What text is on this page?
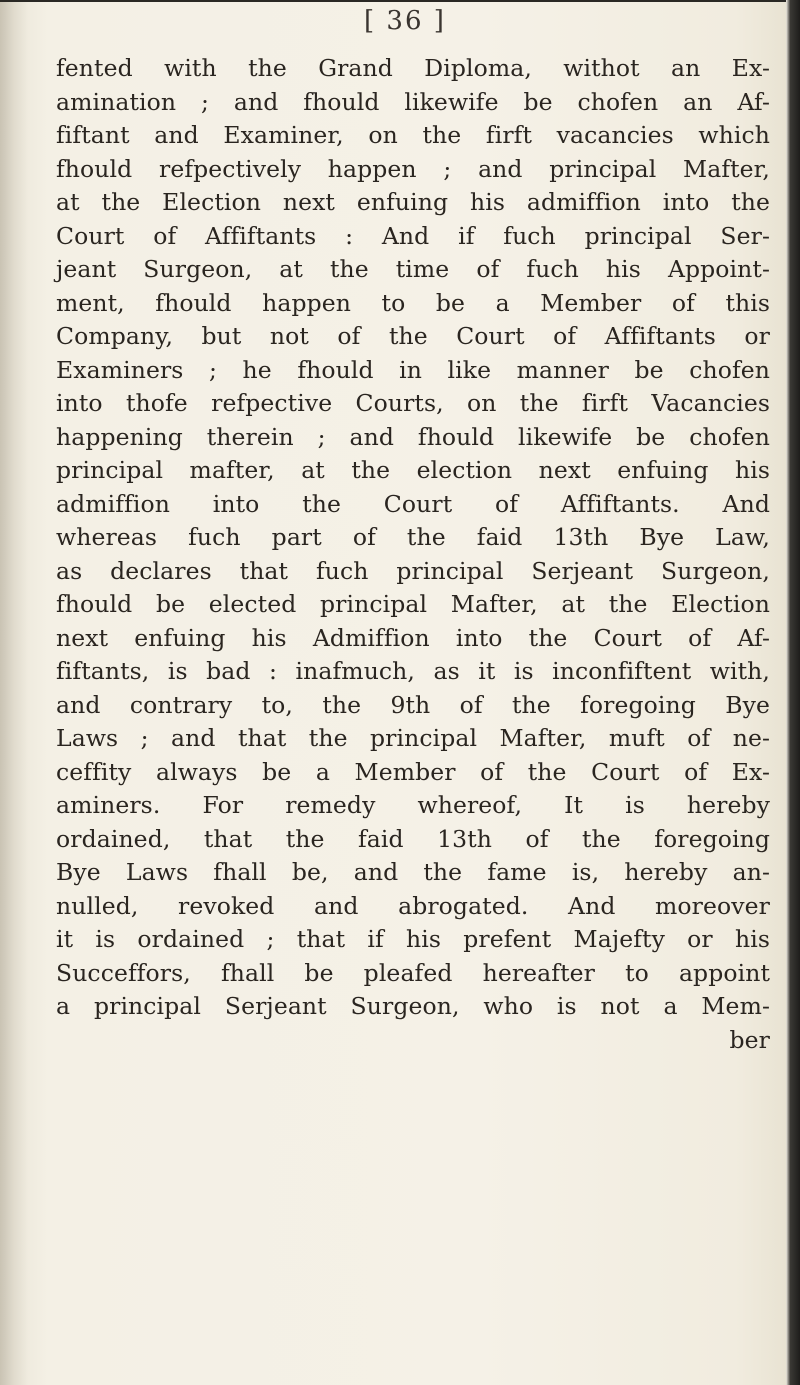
[ 36 ]
fented with the Grand Diploma, withot an Ex-
amination ; and fhould likewife be chofen an Af-
fiftant and Examiner, on the firft vacancies which
fhould refpectively happen ; and principal Mafter,
at the Election next enfuing his admiffion into the
Court of Affiftants : And if fuch principal Ser-
jeant Surgeon, at the time of fuch his Appoint-
ment, fhould happen to be a Member of this
Company, but not of the Court of Affiftants or
Examiners ; he fhould in like manner be chofen
into thofe refpective Courts, on the firft Vacancies
happening therein ; and fhould likewife be chofen
principal mafter, at the election next enfuing his
admiffion into the Court of Affiftants. And
whereas fuch part of the faid 13th Bye Law,
as declares that fuch principal Serjeant Surgeon,
fhould be elected principal Mafter, at the Election
next enfuing his Admiffion into the Court of Af-
fiftants, is bad : inafmuch, as it is inconfiftent with,
and contrary to, the 9th of the foregoing Bye
Laws ; and that the principal Mafter, muft of ne-
ceffity always be a Member of the Court of Ex-
aminers. For remedy whereof, It is hereby
ordained, that the faid 13th of the foregoing
Bye Laws fhall be, and the fame is, hereby an-
nulled, revoked and abrogated. And moreover
it is ordained ; that if his prefent Majefty or his
Succeffors, fhall be pleafed hereafter to appoint
a principal Serjeant Surgeon, who is not a Mem-
ber
